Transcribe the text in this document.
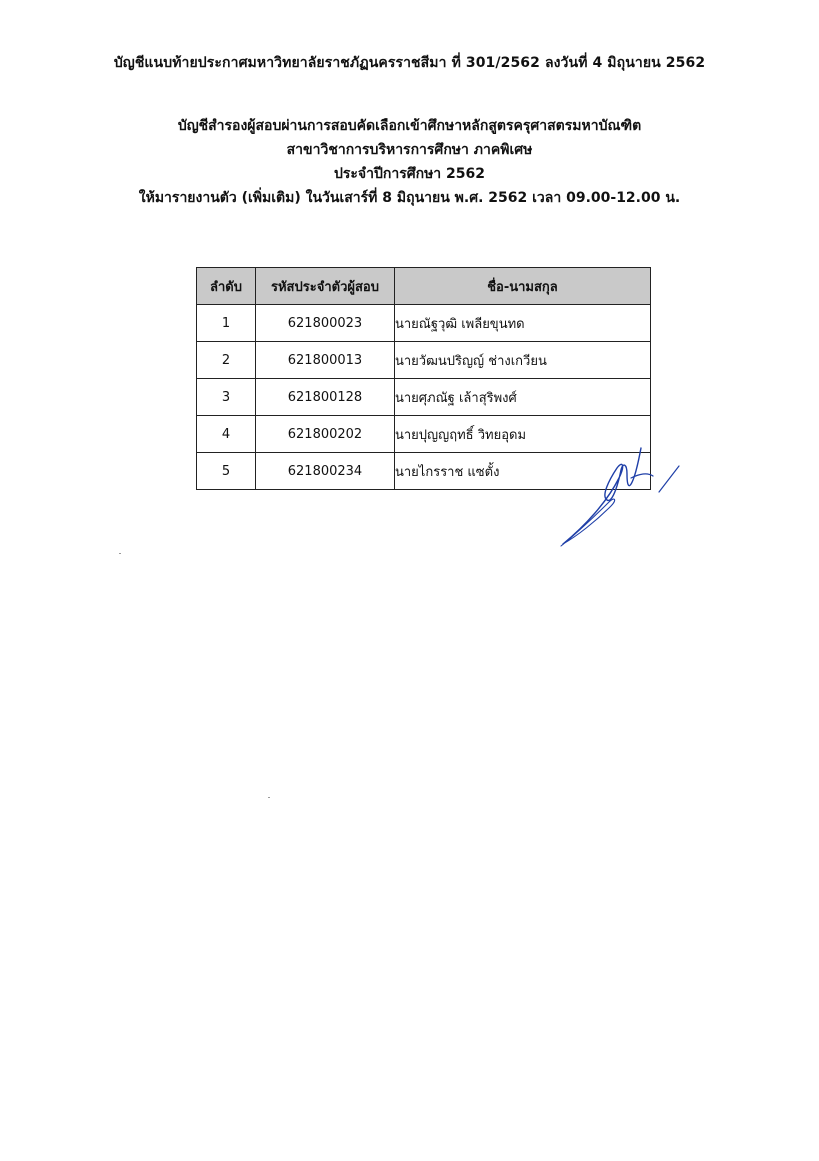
บัญชีแนบท้ายประกาศมหาวิทยาลัยราชภัฏนครราชสีมา ที่ 301/2562 ลงวันที่ 4 มิถุนายน 2562
บัญชีสำรองผู้สอบผ่านการสอบคัดเลือกเข้าศึกษาหลักสูตรครุศาสตรมหาบัณฑิต
สาขาวิชาการบริหารการศึกษา ภาคพิเศษ
ประจำปีการศึกษา 2562
ให้มารายงานตัว (เพิ่มเติม) ในวันเสาร์ที่ 8 มิถุนายน พ.ศ. 2562 เวลา 09.00-12.00 น.
ลำดับ	รหัสประจำตัวผู้สอบ	ชื่อ-นามสกุล
1	621800023	นายณัฐวุฒิ เพลียขุนทด
2	621800013	นายวัฒนปริญญ์ ช่างเกวียน
3	621800128	นายศุภณัฐ เล้าสุริพงศ์
4	621800202	นายปุญญฤทธิ์ วิทยอุดม
5	621800234	นายไกรราช แซตั้ง
